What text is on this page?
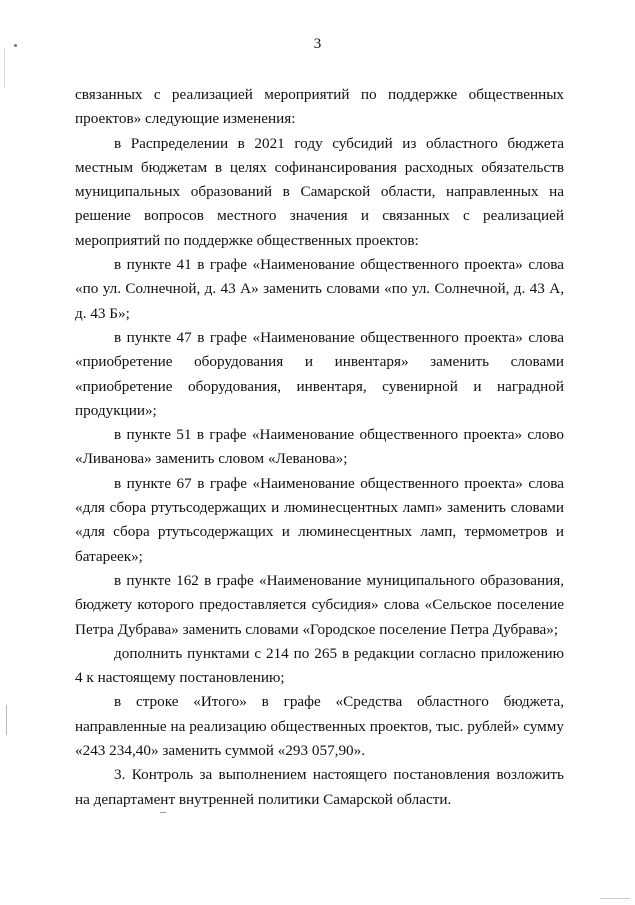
3

связанных с реализацией мероприятий по поддержке общественных проектов» следующие изменения:

в Распределении в 2021 году субсидий из областного бюджета местным бюджетам в целях софинансирования расходных обязательств муниципальных образований в Самарской области, направленных на решение вопросов местного значения и связанных с реализацией мероприятий по поддержке общественных проектов:

в пункте 41 в графе «Наименование общественного проекта» слова «по ул. Солнечной, д. 43 А» заменить словами «по ул. Солнечной, д. 43 А, д. 43 Б»;

в пункте 47 в графе «Наименование общественного проекта» слова «приобретение оборудования и инвентаря» заменить словами «приобретение оборудования, инвентаря, сувенирной и наградной продукции»;

в пункте 51 в графе «Наименование общественного проекта» слово «Ливанова» заменить словом «Леванова»;

в пункте 67 в графе «Наименование общественного проекта» слова «для сбора ртутьсодержащих и люминесцентных ламп» заменить словами «для сбора ртутьсодержащих и люминесцентных ламп, термометров и батареек»;

в пункте 162 в графе «Наименование муниципального образования, бюджету которого предоставляется субсидия» слова «Сельское поселение Петра Дубрава» заменить словами «Городское поселение Петра Дубрава»;

дополнить пунктами с 214 по 265 в редакции согласно приложению 4 к настоящему постановлению;

в строке «Итого» в графе «Средства областного бюджета, направленные на реализацию общественных проектов, тыс. рублей» сумму «243 234,40» заменить суммой «293 057,90».

3. Контроль за выполнением настоящего постановления возложить на департамент внутренней политики Самарской области.
